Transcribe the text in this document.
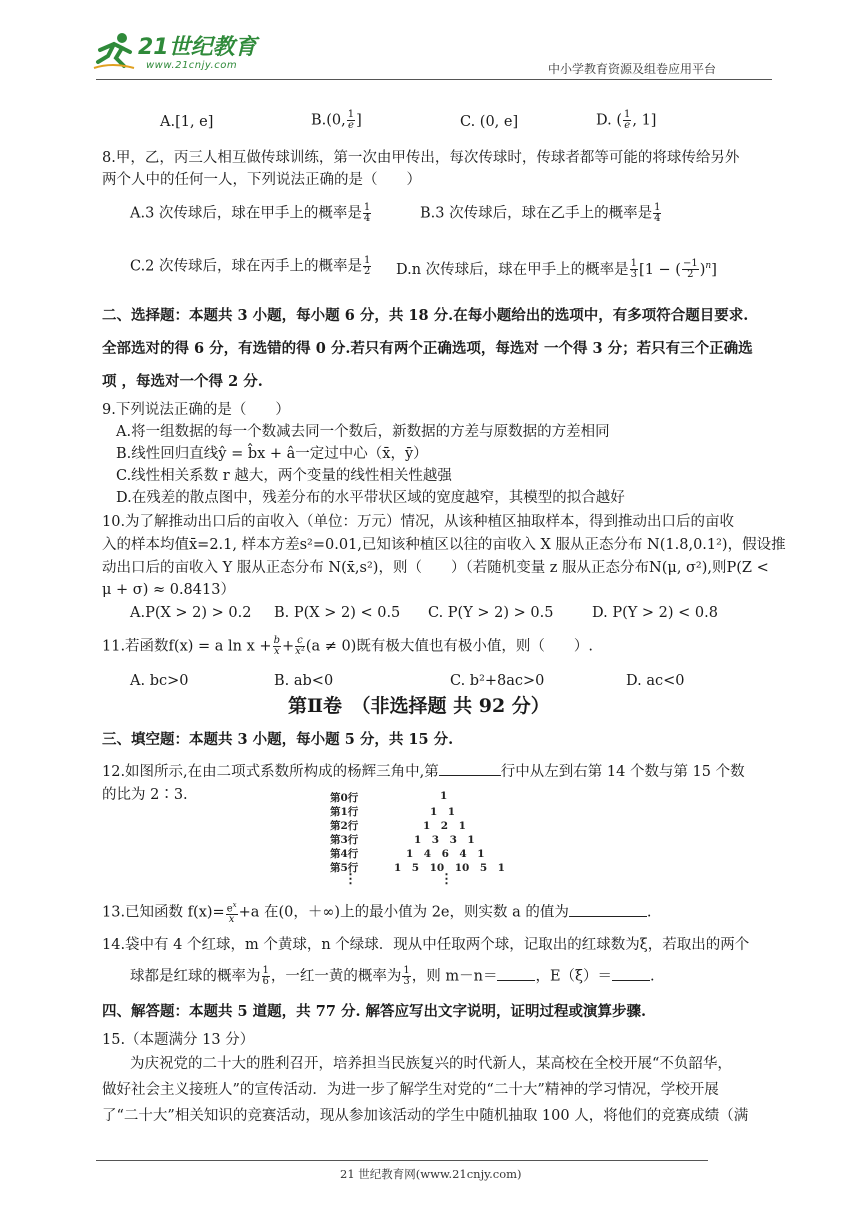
21世纪教育
www.21cnjy.com	中小学教育资源及组卷应用平台
A.[1, e]	B.(0, $\frac{1}{e}$ ]	C. (0, e]	D. ( $\frac{1}{e}$ , 1]
8.甲，乙，丙三人相互做传球训练，第一次由甲传出，每次传球时，传球者都等可能的将球传给另外
两个人中的任何一人，下列说法正确的是（　　）
A.3 次传球后，球在甲手上的概率是 $\frac{1}{4}$	B.3 次传球后，球在乙手上的概率是 $\frac{1}{4}$
C.2 次传球后，球在丙手上的概率是 $\frac{1}{2} D.n$ 次传球后，球在甲手上的概率是 $\frac{1}{3} [1$ − ( $\frac{-1}{2} )^n$]
二、选择题：本题共 3 小题，每小题 6 分，共 18 分.在每小题给出的选项中，有多项符合题目要求.
全部选对的得 6 分，有选错的得 0 分.若只有两个正确选项，每选对 一个得 3 分；若只有三个正确选
项 ，每选对一个得 2 分.
9.下列说法正确的是（　　）
A.将一组数据的每一个数减去同一个数后，新数据的方差与原数据的方差相同
B.线性回归直线ŷ = b̂x + â一定过中心（x̄，ȳ）
C.线性相关系数 r 越大，两个变量的线性相关性越强
D.在残差的散点图中，残差分布的水平带状区域的宽度越窄，其模型的拟合越好
10.为了解推动出口后的亩收入（单位：万元）情况，从该种植区抽取样本，得到推动出口后的亩收
入的样本均值x̄=2.1, 样本方差s²=0.01,已知该种植区以往的亩收入 X 服从正态分布 N(1.8,0.1²)，假设推
动出口后的亩收入 Y 服从正态分布 N(x̄,s²)，则（　　）（若随机变量 z 服从正态分布N(μ, σ²),则P(Z <
μ + σ) ≈ 0.8413）
A.P(X > 2) > 0.2 B. P(X > 2) < 0.5 C. P(Y > 2) > 0.5	D. P(Y > 2) < 0.8
11.若函数f(x) = a $\ln x + \frac{b}{x} + \frac{c}{\text{x²}} (a \ne 0)$既有极大值也有极小值，则（　　）.
A. bc>0	B. ab<0	C. b²+8ac>0	D. ac<0
第Ⅱ卷　（非选择题 共 92 分）
三、填空题：本题共 3 小题，每小题 5 分，共 15 分.
12.如图所示,在由二项式系数所构成的杨辉三角中,第	行中从左到右第 14 个数与第 15 个数
的比为 2∶3.	第0行
第1行
第2行
第3行
第4行
第5行
1
1　1
1　2　1
1　3　3　1
1　4　6　4　1
1　5　10　10　5　1
⋮	⋮
13.已知函数 $f(x)= \frac{e^x}{x} +a$ 在(0，＋∞)上的最小值为 2e，则实数 a 的值为	.
14.袋中有 4 个红球，m 个黄球，n 个绿球．现从中任取两个球，记取出的红球数为ξ，若取出的两个
球都是红球的概率为 $\frac{1}{6}$ ，一红一黄的概率为 $\frac{1}{3}$ ，则 m－n＝	，E（ξ）＝	.
四、解答题：本题共 5 道题，共 77 分. 解答应写出文字说明，证明过程或演算步骤.
15.（本题满分 13 分）
为庆祝党的二十大的胜利召开，培养担当民族复兴的时代新人，某高校在全校开展“不负韶华，
做好社会主义接班人”的宣传活动．为进一步了解学生对党的“二十大”精神的学习情况，学校开展
了“二十大”相关知识的竞赛活动，现从参加该活动的学生中随机抽取 100 人，将他们的竞赛成绩（满
21 世纪教育网(www.21cnjy.com)
